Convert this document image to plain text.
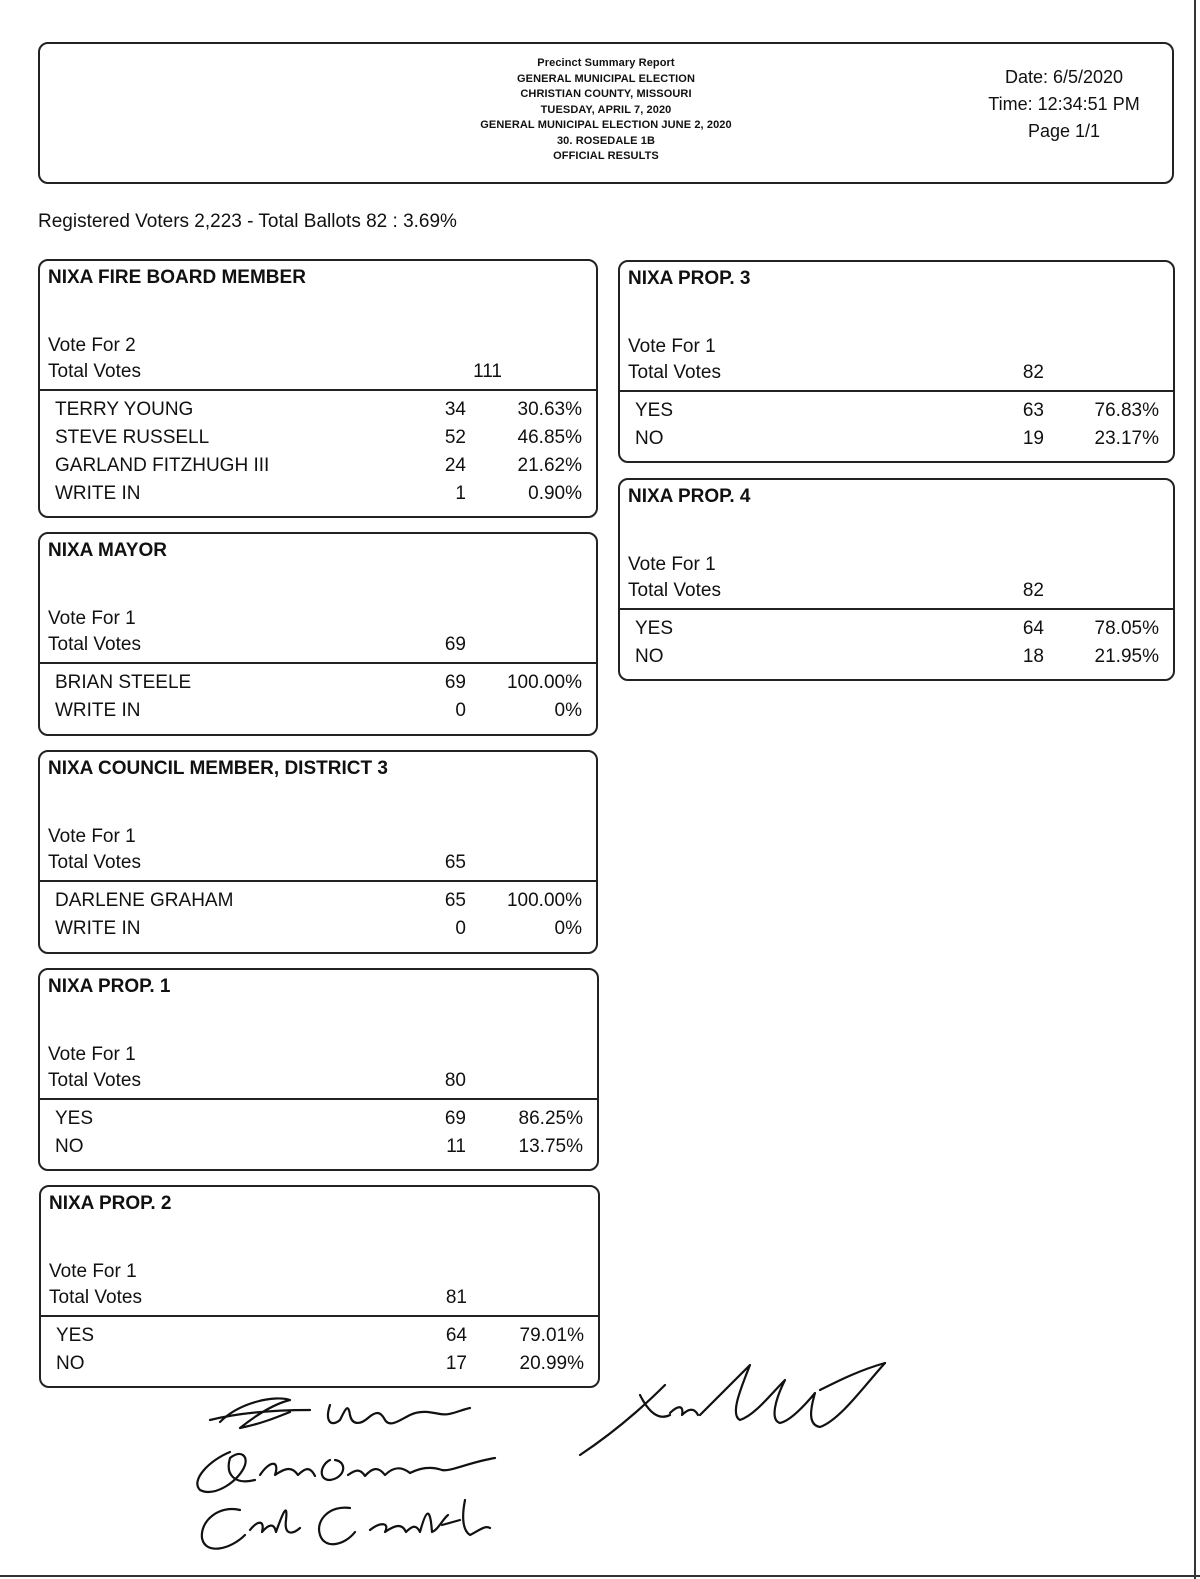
Precinct Summary Report
GENERAL MUNICIPAL ELECTION
CHRISTIAN COUNTY, MISSOURI
TUESDAY, APRIL 7, 2020
GENERAL MUNICIPAL ELECTION JUNE 2, 2020
30. ROSEDALE 1B
OFFICIAL RESULTS
Date: 6/5/2020
Time: 12:34:51 PM
Page 1/1
Registered Voters 2,223 - Total Ballots 82 : 3.69%
NIXA FIRE BOARD MEMBER
Vote For 2
Total Votes	111
TERRY YOUNG	34	30.63%
STEVE RUSSELL	52	46.85%
GARLAND FITZHUGH III	24	21.62%
WRITE IN	1	0.90%
NIXA MAYOR
Vote For 1
Total Votes	69
BRIAN STEELE	69	100.00%
WRITE IN	0	0%
NIXA COUNCIL MEMBER, DISTRICT 3
Vote For 1
Total Votes	65
DARLENE GRAHAM	65	100.00%
WRITE IN	0	0%
NIXA PROP. 1
Vote For 1
Total Votes	80
YES	69	86.25%
NO	11	13.75%
NIXA PROP. 2
Vote For 1
Total Votes	81
YES	64	79.01%
NO	17	20.99%
NIXA PROP. 3
Vote For 1
Total Votes	82
YES	63	76.83%
NO	19	23.17%
NIXA PROP. 4
Vote For 1
Total Votes	82
YES	64	78.05%
NO	18	21.95%
